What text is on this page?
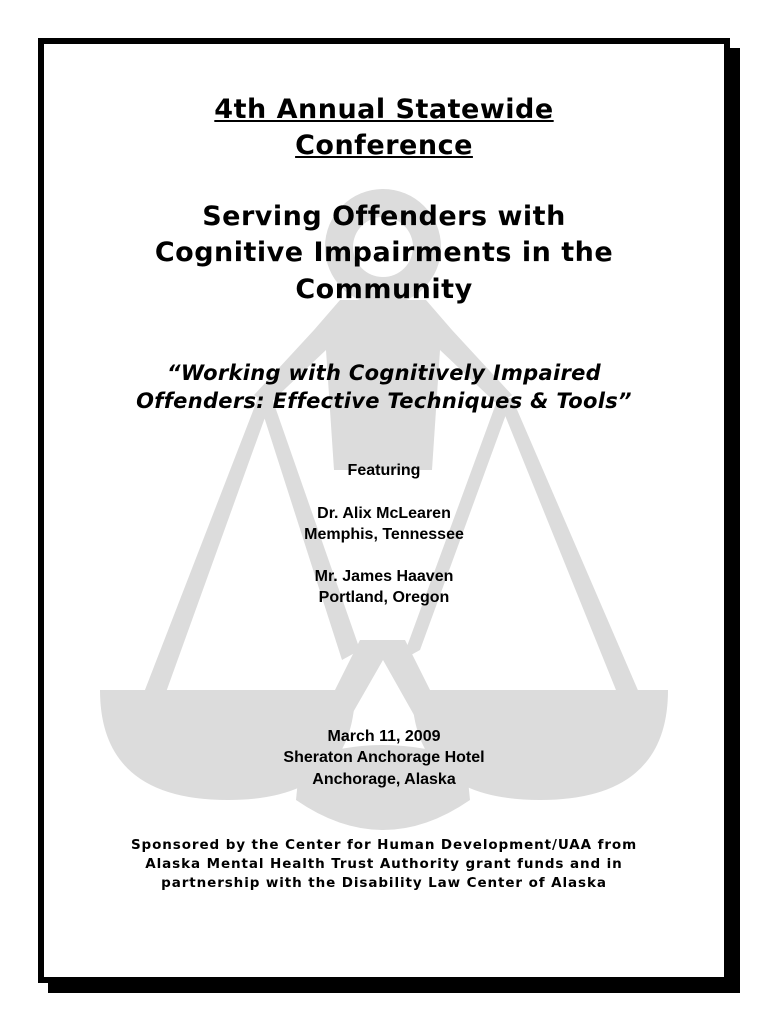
4th Annual Statewide
Conference
Serving Offenders with
Cognitive Impairments in the
Community
“Working with Cognitively Impaired
Offenders: Effective Techniques & Tools”
Featuring
Dr. Alix McLearen
Memphis, Tennessee
Mr. James Haaven
Portland, Oregon
March 11, 2009
Sheraton Anchorage Hotel
Anchorage, Alaska
Sponsored by the Center for Human Development/UAA from
Alaska Mental Health Trust Authority grant funds and in
partnership with the Disability Law Center of Alaska
